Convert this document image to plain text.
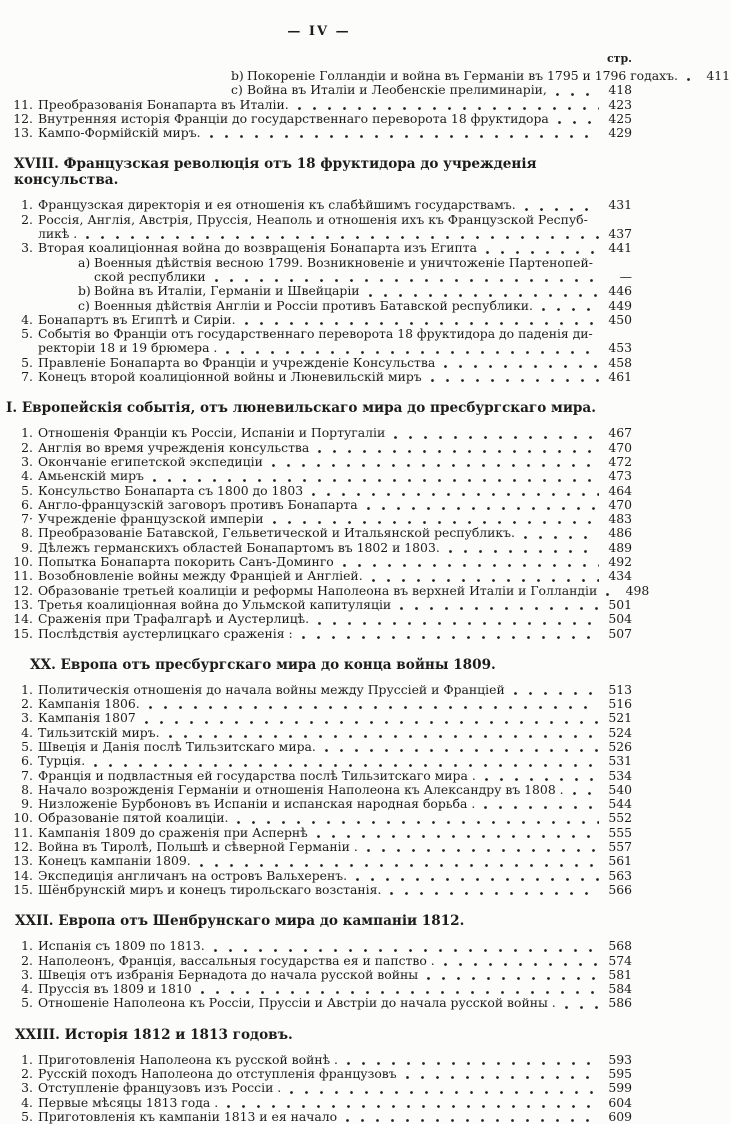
— IV —
стр.
b) Покореніе Голландіи и война въ Германіи въ 1795 и 1796 годахъ. 411
c) Война въ Италіи и Леобенскіе прелиминаріи,	418
11. Преобразованія Бонапарта въ Италіи.	423
12. Внутренняя исторія Франціи до государственнаго переворота 18 фруктидора	425
13. Кампо-Формійскій миръ.	429
XVIII. Французская революція отъ 18 фруктидора до учрежденія консульства.
1. Французская директорія и ея отношенія къ слабѣйшимъ государствамъ.	431
2. Россія, Англія, Австрія, Пруссія, Неаполь и отношенія ихъ къ Французской Респуб-
ликѣ .	437
3. Вторая коалиціонная война до возвращенія Бонапарта изъ Египта	441
a) Военныя дѣйствія весною 1799. Возникновеніе и уничтоженіе Партенопей-
ской республики	—
b) Война въ Италіи, Германіи и Швейцаріи	446
c) Военныя дѣйствія Англіи и Россіи противъ Батавской республики.	449
4. Бонапартъ въ Египтѣ и Сиріи.	450
5. Событія во Франціи отъ государственнаго переворота 18 фруктидора до паденія ди-
ректоріи 18 и 19 брюмера .	453
5. Правленіе Бонапарта во Франціи и учрежденіе Консульства	458
7. Конецъ второй коалиціонной войны и Люневильскій миръ	461
I. Европейскія событія, отъ люневильскаго мира до пресбургскаго мира.
1. Отношенія Франціи къ Россіи, Испаніи и Португаліи	467
2. Англія во время учрежденія консульства	470
3. Окончаніе египетской экспедиціи	472
4. Амьенскій миръ	473
5. Консульство Бонапарта съ 1800 до 1803	464
6. Англо-французскій заговоръ противъ Бонапарта	470
7· Учрежденіе французской имперіи	483
8. Преобразованіе Батавской, Гельветической и Итальянской республикъ.	486
9. Дѣлежъ германскихъ областей Бонапартомъ въ 1802 и 1803.	489
10. Попытка Бонапарта покорить Санъ-Доминго	492
11. Возобновленіе войны между Франціей и Англіей.	434
12. Образованіе третьей коалиціи и реформы Наполеона въ верхней Италіи и Голландіи 498
13. Третья коалиціонная война до Ульмской капитуляціи	501
14. Сраженія при Трафалгарѣ и Аустерлицѣ.	504
15. Послѣдствія аустерлицкаго сраженія :	507
XX. Европа отъ пресбургскаго мира до конца войны 1809.
1. Политическія отношенія до начала войны между Пруссіей и Франціей	513
2. Кампанія 1806.	516
3. Кампанія 1807	521
4. Тильзитскій миръ.	524
5. Швеція и Данія послѣ Тильзитскаго мира.	526
6. Турція.	531
7. Франція и подвластныя ей государства послѣ Тильзитскаго мира .	534
8. Начало возрожденія Германіи и отношенія Наполеона къ Александру въ 1808 .	540
9. Низложеніе Бурбоновъ въ Испаніи и испанская народная борьба .	544
10. Образованіе пятой коалиціи.	552
11. Кампанія 1809 до сраженія при Аспернѣ	555
12. Война въ Тиролѣ, Польшѣ и сѣверной Германіи .	557
13. Конецъ кампаніи 1809.	561
14. Экспедиція англичанъ на островъ Вальхеренъ.	563
15. Шёнбрунскій миръ и конецъ тирольскаго возстанія.	566
XXII. Европа отъ Шенбрунскаго мира до кампаніи 1812.
1. Испанія съ 1809 по 1813.	568
2. Наполеонъ, Франція, вассальныя государства ея и папство .	574
3. Швеція отъ избранія Бернадота до начала русской войны	581
4. Пруссія въ 1809 и 1810	584
5. Отношеніе Наполеона къ Россіи, Пруссіи и Австріи до начала русской войны .	586
XXIII. Исторія 1812 и 1813 годовъ.
1. Приготовленія Наполеона къ русской войнѣ .	593
2. Русскій походъ Наполеона до отступленія французовъ	595
3. Отступленіе французовъ изъ Россіи .	599
4. Первые мѣсяцы 1813 года .	604
5. Приготовленія къ кампаніи 1813 и ея начало	609
